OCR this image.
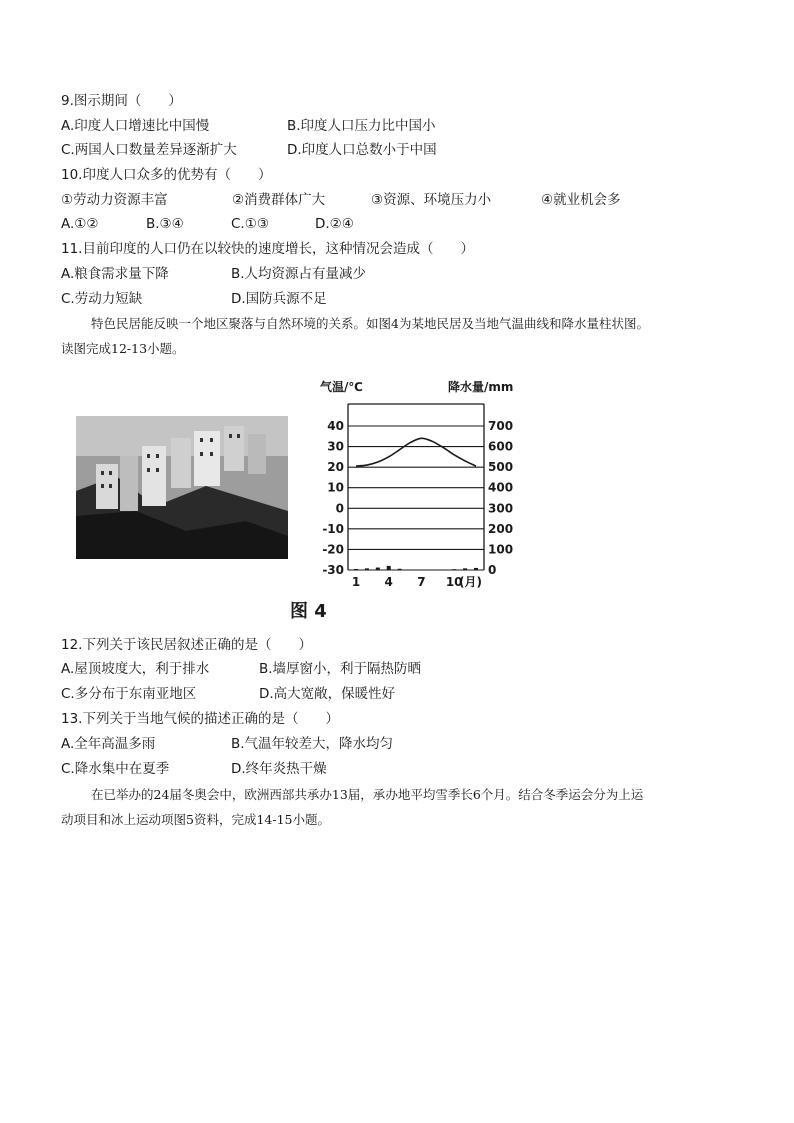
9.图示期间（　　）
A.印度人口增速比中国慢	B.印度人口压力比中国小
C.两国人口数量差异逐渐扩大	D.印度人口总数小于中国
10.印度人口众多的优势有（　　）
①劳动力资源丰富	②消费群体广大	③资源、环境压力小	④就业机会多
A.①②	B.③④	C.①③	D.②④
11.目前印度的人口仍在以较快的速度增长，这种情况会造成（　　）
A.粮食需求量下降	B.人均资源占有量减少
C.劳动力短缺	D.国防兵源不足
特色民居能反映一个地区聚落与自然环境的关系。如图4为某地民居及当地气温曲线和降水量柱状图。
读图完成12-13小题。
气温/℃	降水量/mm
40
30
20
10
0
-10
-20
-30
700
600
500
400
300
200
100
0
1 4 7 10
(月)
图 4
12.下列关于该民居叙述正确的是（　　）
A.屋顶坡度大，利于排水	B.墙厚窗小，利于隔热防晒
C.多分布于东南亚地区	D.高大宽敞，保暖性好
13.下列关于当地气候的描述正确的是（　　）
A.全年高温多雨	B.气温年较差大，降水均匀
C.降水集中在夏季	D.终年炎热干燥
在已举办的24届冬奥会中，欧洲西部共承办13届，承办地平均雪季长6个月。结合冬季运会分为上运
动项目和冰上运动项图5资料，完成14-15小题。
